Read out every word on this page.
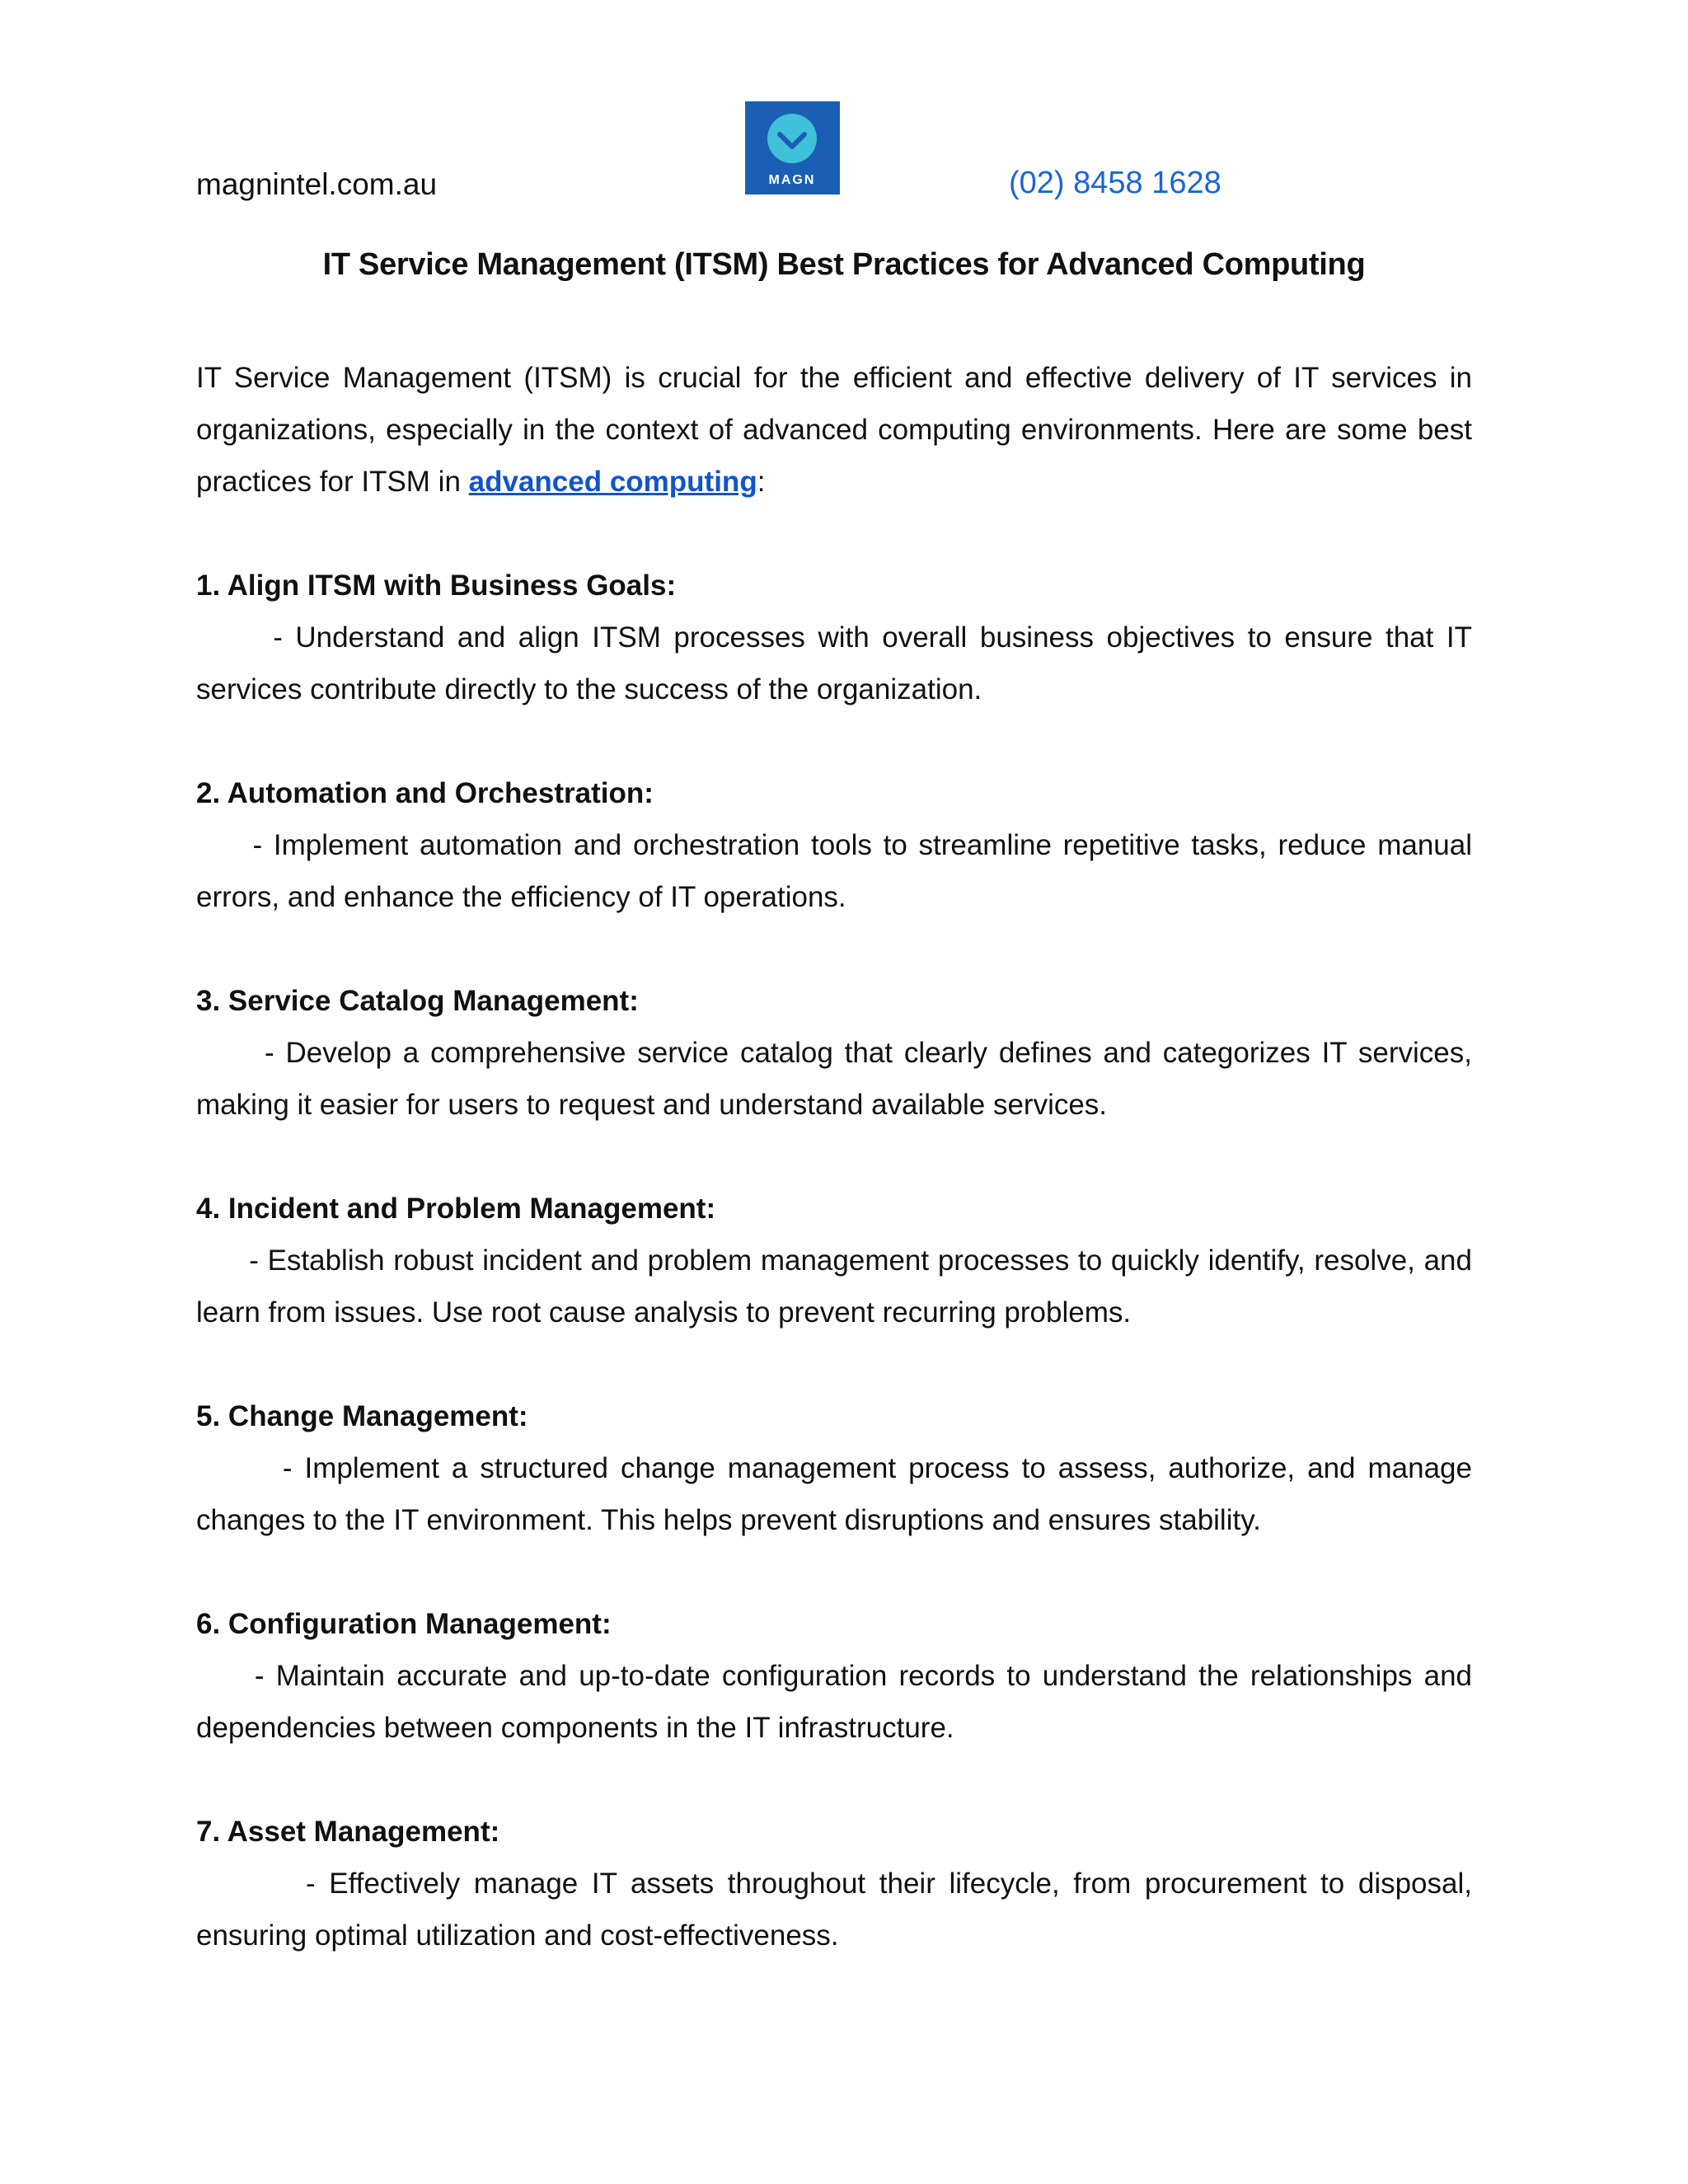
magnintel.com.au	MAGN	(02) 8458 1628
IT Service Management (ITSM) Best Practices for Advanced Computing

IT Service Management (ITSM) is crucial for the efficient and effective delivery of IT services in organizations, especially in the context of advanced computing environments. Here are some best practices for ITSM in advanced computing:

1. Align ITSM with Business Goals:

- Understand and align ITSM processes with overall business objectives to ensure that IT services contribute directly to the success of the organization.

2. Automation and Orchestration:

- Implement automation and orchestration tools to streamline repetitive tasks, reduce manual errors, and enhance the efficiency of IT operations.

3. Service Catalog Management:

- Develop a comprehensive service catalog that clearly defines and categorizes IT services, making it easier for users to request and understand available services.

4. Incident and Problem Management:

- Establish robust incident and problem management processes to quickly identify, resolve, and learn from issues. Use root cause analysis to prevent recurring problems.

5. Change Management:

- Implement a structured change management process to assess, authorize, and manage changes to the IT environment. This helps prevent disruptions and ensures stability.

6. Configuration Management:

- Maintain accurate and up-to-date configuration records to understand the relationships and dependencies between components in the IT infrastructure.

7. Asset Management:

- Effectively manage IT assets throughout their lifecycle, from procurement to disposal, ensuring optimal utilization and cost-effectiveness.
